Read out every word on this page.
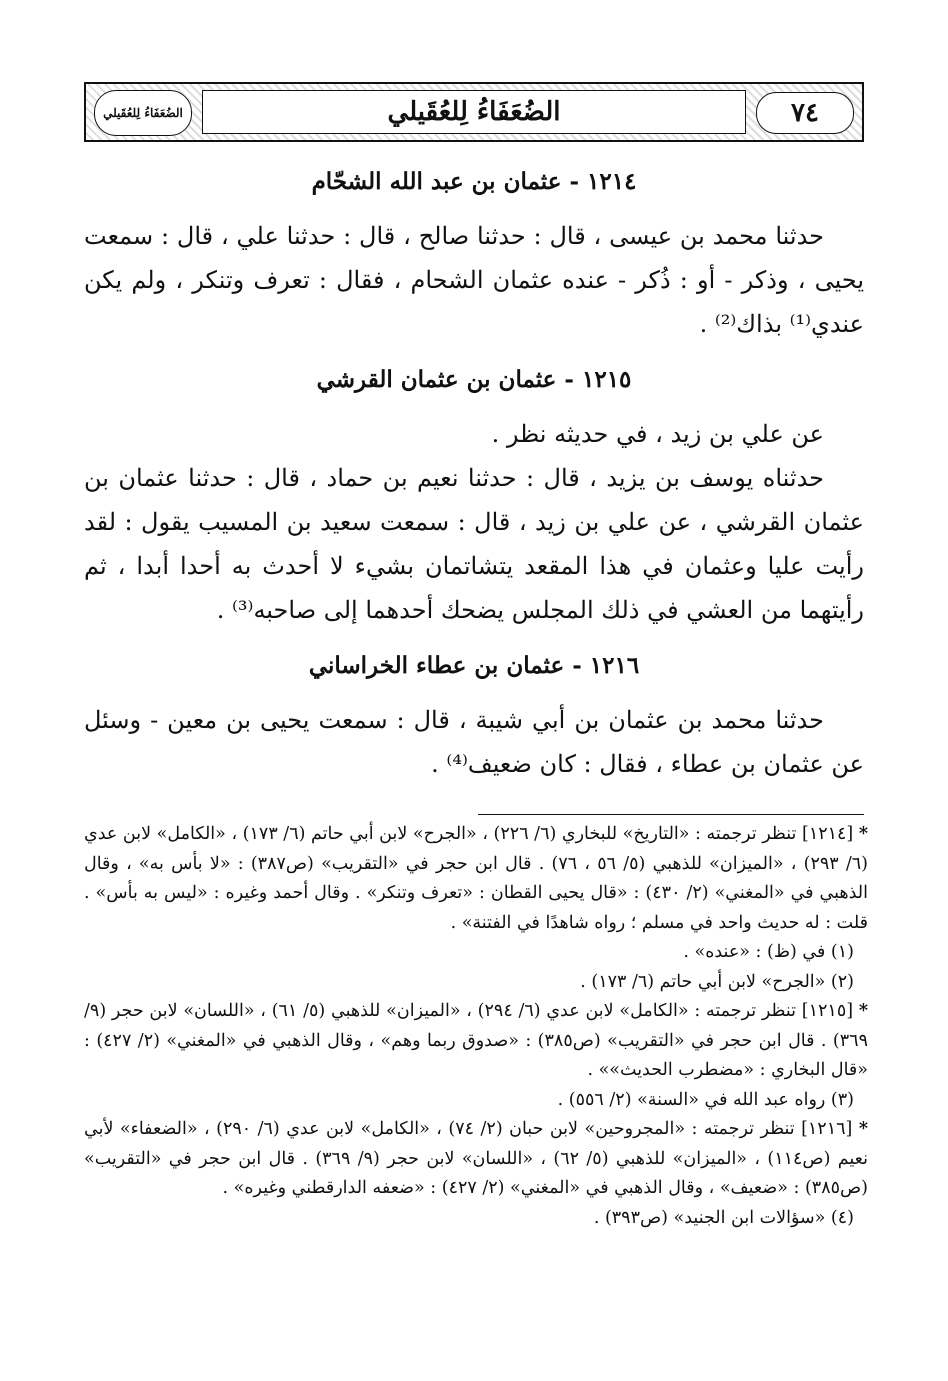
٧٤
الضُعَفَاءُ لِلعُقَيلي
الضُعَفَاءُ لِلعُقَيلي
١٢١٤ - عثمان بن عبد الله الشحّام

حدثنا محمد بن عيسى ، قال : حدثنا صالح ، قال : حدثنا علي ، قال : سمعت يحيى ، وذكر - أو : ذُكر - عنده عثمان الشحام ، فقال : تعرف وتنكر ، ولم يكن عندي⁽¹⁾ بذاك⁽²⁾ .

١٢١٥ - عثمان بن عثمان القرشي

عن علي بن زيد ، في حديثه نظر .

حدثناه يوسف بن يزيد ، قال : حدثنا نعيم بن حماد ، قال : حدثنا عثمان بن عثمان القرشي ، عن علي بن زيد ، قال : سمعت سعيد بن المسيب يقول : لقد رأيت عليا وعثمان في هذا المقعد يتشاتمان بشيء لا أحدث به أحدا أبدا ، ثم رأيتهما من العشي في ذلك المجلس يضحك أحدهما إلى صاحبه⁽³⁾ .

١٢١٦ - عثمان بن عطاء الخراساني

حدثنا محمد بن عثمان بن أبي شيبة ، قال : سمعت يحيى بن معين - وسئل عن عثمان بن عطاء ، فقال : كان ضعيف⁽⁴⁾ .

* [١٢١٤] تنظر ترجمته : «التاريخ» للبخاري (٦/ ٢٢٦) ، «الجرح» لابن أبي حاتم (٦/ ١٧٣) ، «الكامل» لابن عدي (٦/ ٢٩٣) ، «الميزان» للذهبي (٥/ ٥٦ ، ٧٦) . قال ابن حجر في «التقريب» (ص٣٨٧) : «لا بأس به» ، وقال الذهبي في «المغني» (٢/ ٤٣٠) : «قال يحيى القطان : «تعرف وتنكر» . وقال أحمد وغيره : «ليس به بأس» . قلت : له حديث واحد في مسلم ؛ رواه شاهدًا في الفتنة» .

(١) في (ظ) : «عنده» .

(٢) «الجرح» لابن أبي حاتم (٦/ ١٧٣) .

* [١٢١٥] تنظر ترجمته : «الكامل» لابن عدي (٦/ ٢٩٤) ، «الميزان» للذهبي (٥/ ٦١) ، «اللسان» لابن حجر (٩/ ٣٦٩) . قال ابن حجر في «التقريب» (ص٣٨٥) : «صدوق ربما وهم» ، وقال الذهبي في «المغني» (٢/ ٤٢٧) : «قال البخاري : «مضطرب الحديث»» .

(٣) رواه عبد الله في «السنة» (٢/ ٥٥٦) .

* [١٢١٦] تنظر ترجمته : «المجروحين» لابن حبان (٢/ ٧٤) ، «الكامل» لابن عدي (٦/ ٢٩٠) ، «الضعفاء» لأبي نعيم (ص١١٤) ، «الميزان» للذهبي (٥/ ٦٢) ، «اللسان» لابن حجر (٩/ ٣٦٩) . قال ابن حجر في «التقريب» (ص٣٨٥) : «ضعيف» ، وقال الذهبي في «المغني» (٢/ ٤٢٧) : «ضعفه الدارقطني وغيره» .

(٤) «سؤالات ابن الجنيد» (ص٣٩٣) .
